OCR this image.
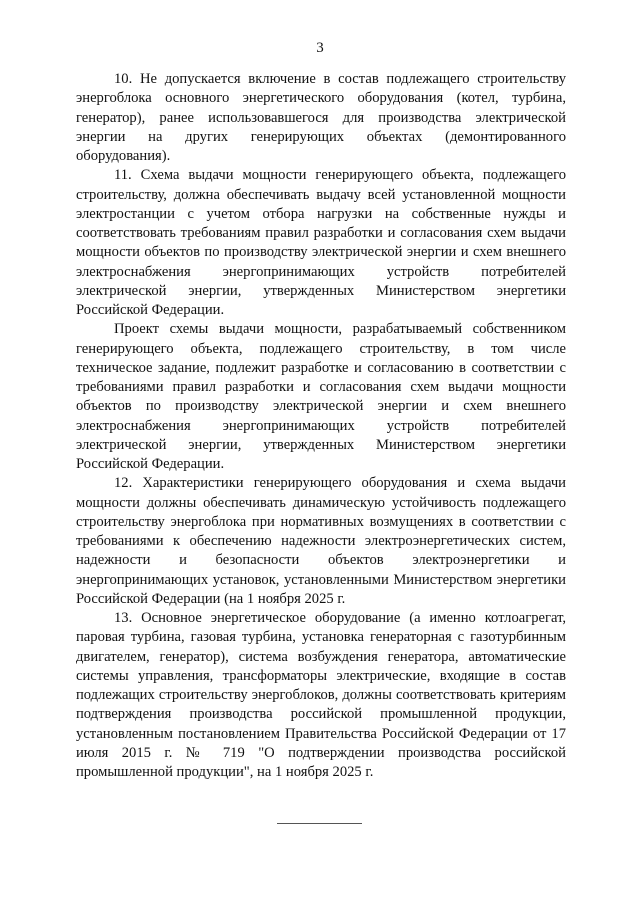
3

10. Не допускается включение в состав подлежащего строительству энергоблока основного энергетического оборудования (котел, турбина, генератор), ранее использовавшегося для производства электрической энергии на других генерирующих объектах (демонтированного оборудования).

11. Схема выдачи мощности генерирующего объекта, подлежащего строительству, должна обеспечивать выдачу всей установленной мощности электростанции с учетом отбора нагрузки на собственные нужды и соответствовать требованиям правил разработки и согласования схем выдачи мощности объектов по производству электрической энергии и схем внешнего электроснабжения энергопринимающих устройств потребителей электрической энергии, утвержденных Министерством энергетики Российской Федерации.

Проект схемы выдачи мощности, разрабатываемый собственником генерирующего объекта, подлежащего строительству, в том числе техническое задание, подлежит разработке и согласованию в соответствии с требованиями правил разработки и согласования схем выдачи мощности объектов по производству электрической энергии и схем внешнего электроснабжения энергопринимающих устройств потребителей электрической энергии, утвержденных Министерством энергетики Российской Федерации.

12. Характеристики генерирующего оборудования и схема выдачи мощности должны обеспечивать динамическую устойчивость подлежащего строительству энергоблока при нормативных возмущениях в соответствии с требованиями к обеспечению надежности электроэнергетических систем, надежности и безопасности объектов электроэнергетики и энергопринимающих установок, установленными Министерством энергетики Российской Федерации (на 1 ноября 2025 г.

13. Основное энергетическое оборудование (а именно котлоагрегат, паровая турбина, газовая турбина, установка генераторная с газотурбинным двигателем, генератор), система возбуждения генератора, автоматические системы управления, трансформаторы электрические, входящие в состав подлежащих строительству энергоблоков, должны соответствовать критериям подтверждения производства российской промышленной продукции, установленным постановлением Правительства Российской Федерации от 17 июля 2015 г. № 719 "О подтверждении производства российской промышленной продукции", на 1 ноября 2025 г.
